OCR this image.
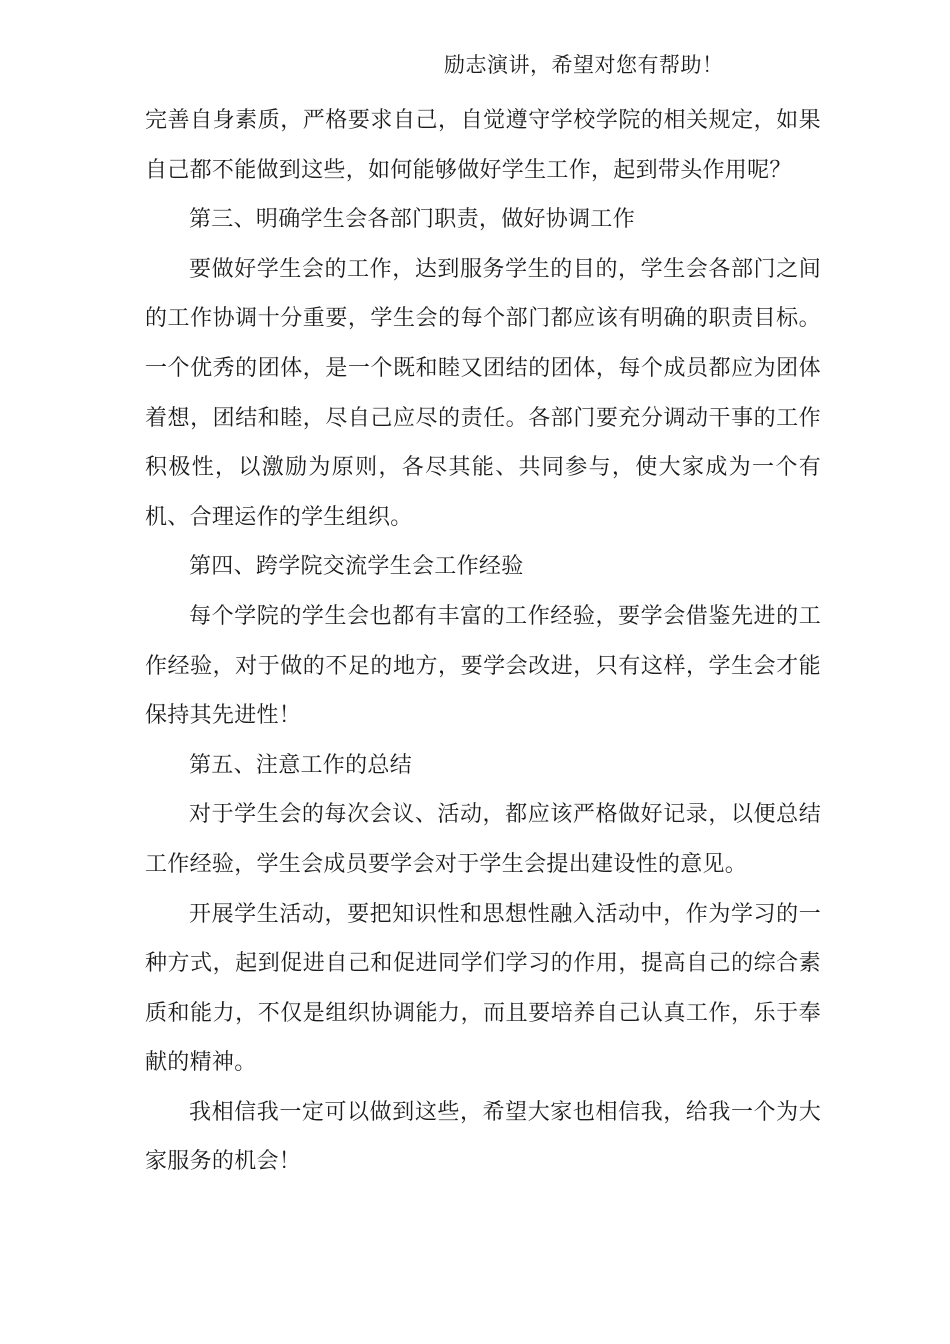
励志演讲，希望对您有帮助！

完善自身素质，严格要求自己，自觉遵守学校学院的相关规定，如果自己都不能做到这些，如何能够做好学生工作，起到带头作用呢？

第三、明确学生会各部门职责，做好协调工作

要做好学生会的工作，达到服务学生的目的，学生会各部门之间的工作协调十分重要，学生会的每个部门都应该有明确的职责目标。一个优秀的团体，是一个既和睦又团结的团体，每个成员都应为团体着想，团结和睦，尽自己应尽的责任。各部门要充分调动干事的工作积极性，以激励为原则，各尽其能、共同参与，使大家成为一个有机、合理运作的学生组织。

第四、跨学院交流学生会工作经验

每个学院的学生会也都有丰富的工作经验，要学会借鉴先进的工作经验，对于做的不足的地方，要学会改进，只有这样，学生会才能保持其先进性！

第五、注意工作的总结

对于学生会的每次会议、活动，都应该严格做好记录，以便总结工作经验，学生会成员要学会对于学生会提出建设性的意见。

开展学生活动，要把知识性和思想性融入活动中，作为学习的一种方式，起到促进自己和促进同学们学习的作用，提高自己的综合素质和能力，不仅是组织协调能力，而且要培养自己认真工作，乐于奉献的精神。

我相信我一定可以做到这些，希望大家也相信我，给我一个为大家服务的机会！
